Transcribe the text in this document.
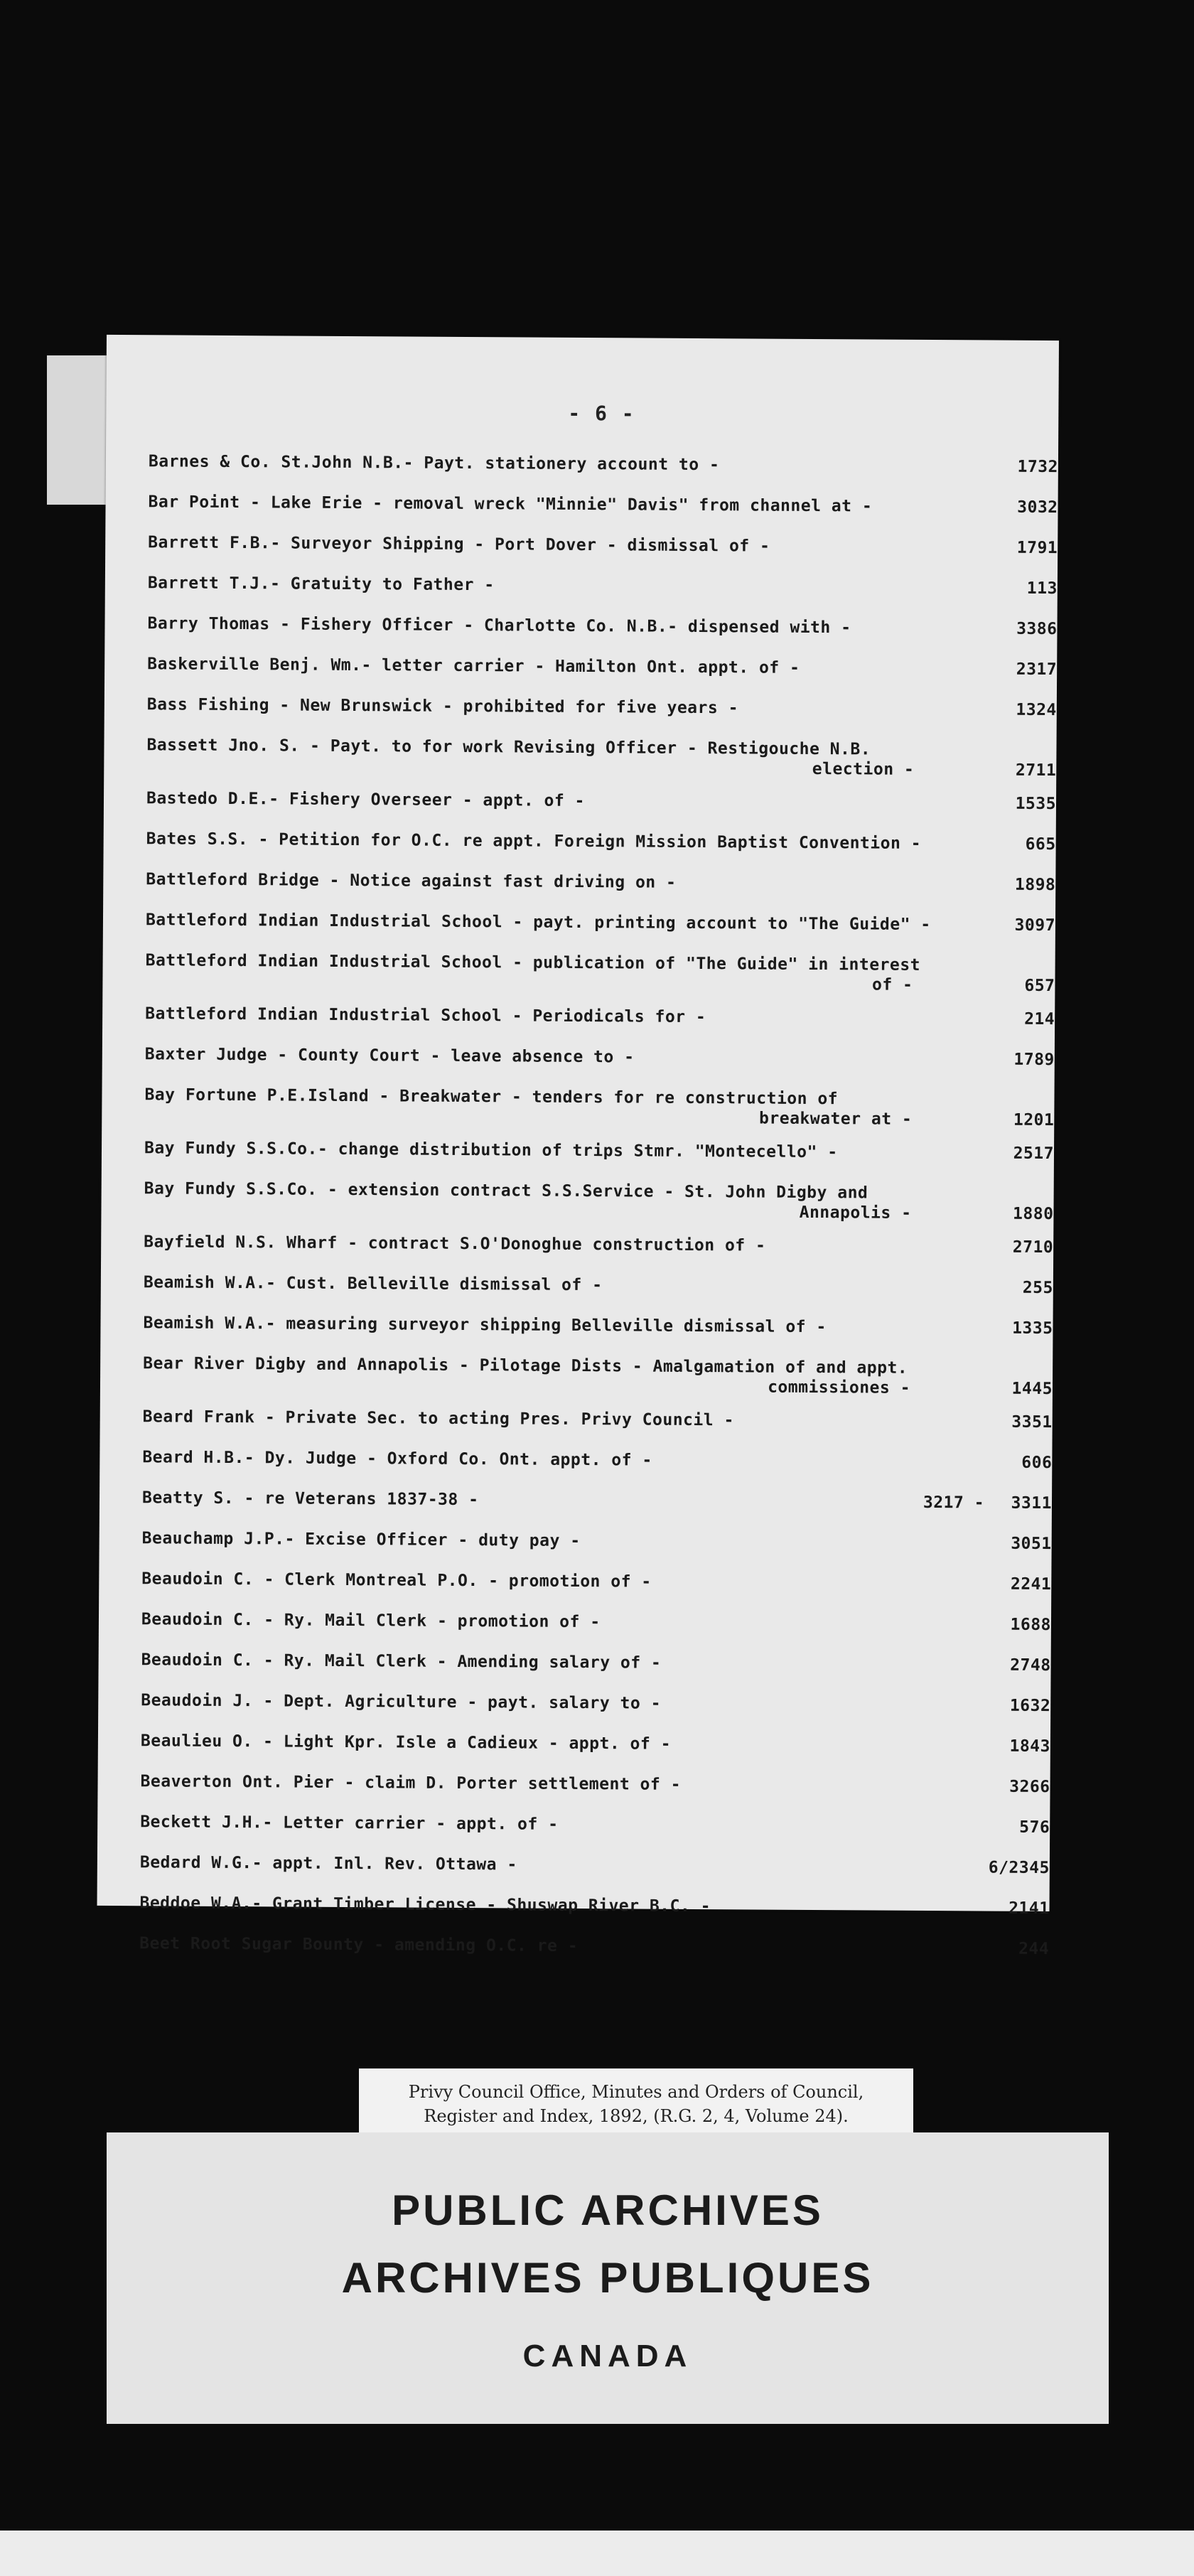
- 6 -
Barnes & Co. St.John N.B.- Payt. stationery account to -	1732
Bar Point - Lake Erie - removal wreck "Minnie" Davis" from channel at -	3032
Barrett F.B.- Surveyor Shipping - Port Dover - dismissal of -	1791
Barrett T.J.- Gratuity to Father -	113
Barry Thomas - Fishery Officer - Charlotte Co. N.B.- dispensed with -	3386
Baskerville Benj. Wm.- letter carrier - Hamilton Ont. appt. of -	2317
Bass Fishing - New Brunswick - prohibited for five years -	1324
Bassett Jno. S. - Payt. to for work Revising Officer - Restigouche N.B.
election -	2711
Bastedo D.E.- Fishery Overseer - appt. of -	1535
Bates S.S. - Petition for O.C. re appt. Foreign Mission Baptist Convention -	665
Battleford Bridge - Notice against fast driving on -	1898
Battleford Indian Industrial School - payt. printing account to "The Guide" -	3097
Battleford Indian Industrial School - publication of "The Guide" in interest
of -	657
Battleford Indian Industrial School - Periodicals for -	214
Baxter Judge - County Court - leave absence to -	1789
Bay Fortune P.E.Island - Breakwater - tenders for re construction of
breakwater at -	1201
Bay Fundy S.S.Co.- change distribution of trips Stmr. "Montecello" -	2517
Bay Fundy S.S.Co. - extension contract S.S.Service - St. John Digby and
Annapolis -	1880
Bayfield N.S. Wharf - contract S.O'Donoghue construction of -	2710
Beamish W.A.- Cust. Belleville dismissal of -	255
Beamish W.A.- measuring surveyor shipping Belleville dismissal of -	1335
Bear River Digby and Annapolis - Pilotage Dists - Amalgamation of and appt.
commissiones -	1445
Beard Frank - Private Sec. to acting Pres. Privy Council -	3351
Beard H.B.- Dy. Judge - Oxford Co. Ont. appt. of -	606
Beatty S. - re Veterans 1837-38 -	3217 - 3311
Beauchamp J.P.- Excise Officer - duty pay -	3051
Beaudoin C. - Clerk Montreal P.O. - promotion of -	2241
Beaudoin C. - Ry. Mail Clerk - promotion of -	1688
Beaudoin C. - Ry. Mail Clerk - Amending salary of -	2748
Beaudoin J. - Dept. Agriculture - payt. salary to -	1632
Beaulieu O. - Light Kpr. Isle a Cadieux - appt. of -	1843
Beaverton Ont. Pier - claim D. Porter settlement of -	3266
Beckett J.H.- Letter carrier - appt. of -	576
Bedard W.G.- appt. Inl. Rev. Ottawa -	6/2345
Beddoe W.A.- Grant Timber License - Shuswap River B.C. -	2141
Beet Root Sugar Bounty - amending O.C. re -	244
Privy Council Office, Minutes and Orders of Council,
Register and Index, 1892, (R.G. 2, 4, Volume 24).
PUBLIC ARCHIVES
ARCHIVES PUBLIQUES
CANADA
